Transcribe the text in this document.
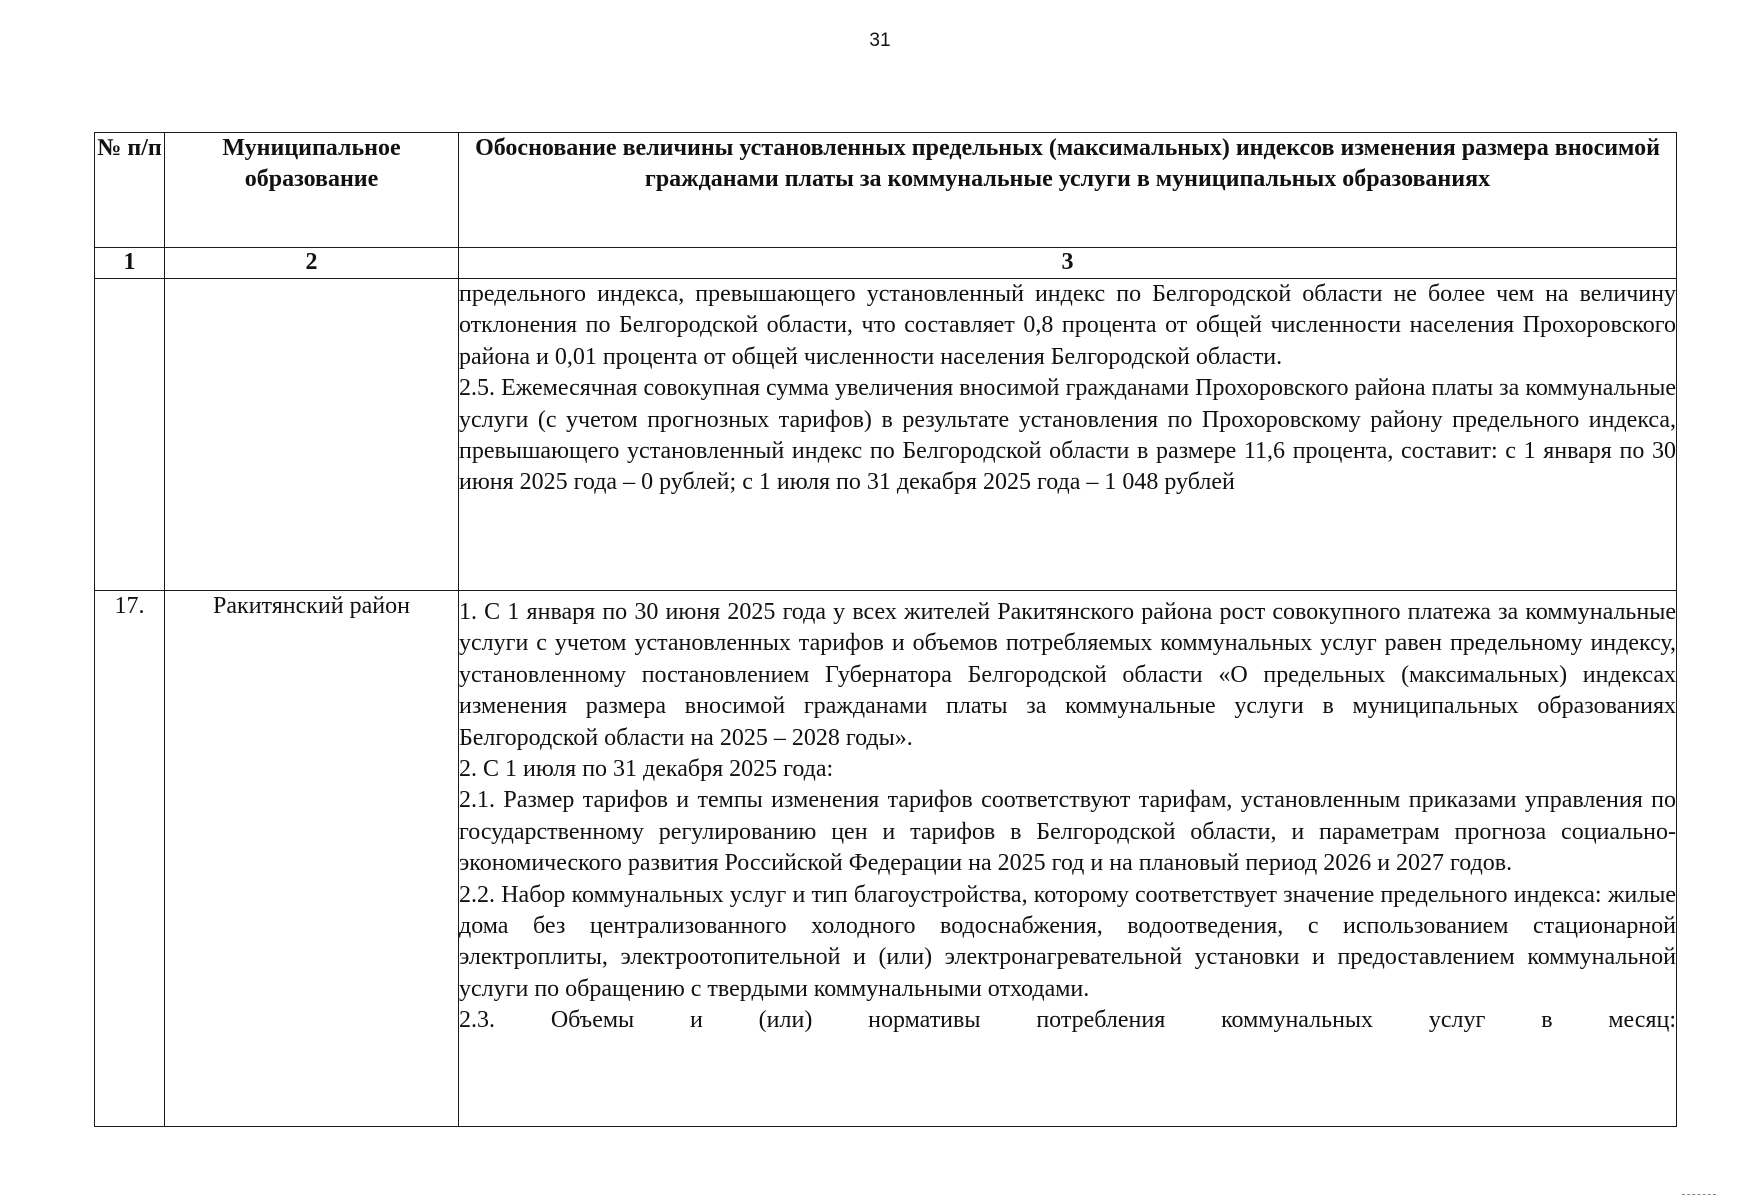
31
№ п/п	Муниципальное образование	Обоснование величины установленных предельных (максимальных) индексов изменения размера вносимой гражданами платы за коммунальные услуги в муниципальных образованиях
1	2	3

		предельного индекса, превышающего установленный индекс по Белгородской области не более чем на величину отклонения по Белгородской области, что составляет 0,8 процента от общей численности населения Прохоровского района и 0,01 процента от общей численности населения Белгородской области.

2.5. Ежемесячная совокупная сумма увеличения вносимой гражданами Прохоровского района платы за коммунальные услуги (с учетом прогнозных тарифов) в результате установления по Прохоровскому району предельного индекса, превышающего установленный индекс по Белгородской области в размере 11,6 процента, составит: с 1 января по 30 июня 2025 года – 0 рублей; с 1 июля по 31 декабря 2025 года – 1 048 рублей

17.	Ракитянский район	1. С 1 января по 30 июня 2025 года у всех жителей Ракитянского района рост совокупного платежа за коммунальные услуги с учетом установленных тарифов и объемов потребляемых коммунальных услуг равен предельному индексу, установленному постановлением Губернатора Белгородской области «О предельных (максимальных) индексах изменения размера вносимой гражданами платы за коммунальные услуги в муниципальных образованиях Белгородской области на 2025 – 2028 годы».

2. С 1 июля по 31 декабря 2025 года:

2.1. Размер тарифов и темпы изменения тарифов соответствуют тарифам, установленным приказами управления по государственному регулированию цен и тарифов в Белгородской области, и параметрам прогноза социально-экономического развития Российской Федерации на 2025 год и на плановый период 2026 и 2027 годов.

2.2. Набор коммунальных услуг и тип благоустройства, которому соответствует значение предельного индекса: жилые дома без централизованного холодного водоснабжения, водоотведения, с использованием стационарной электроплиты, электроотопительной и (или) электронагревательной установки и предоставлением коммунальной услуги по обращению с твердыми коммунальными отходами.

2.3. Объемы и (или) нормативы потребления коммунальных услуг в месяц:
